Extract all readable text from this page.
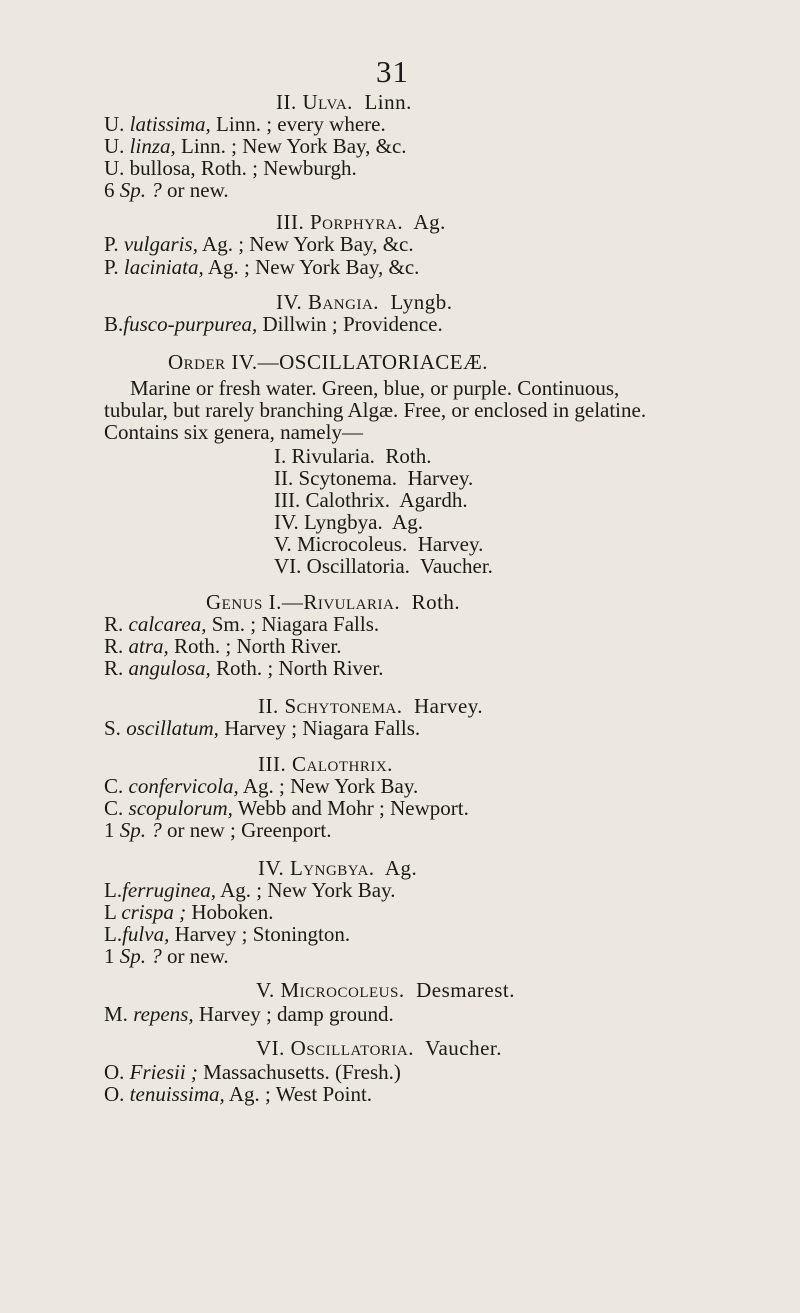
31
II. Ulva. Linn.
U. latissima, Linn. ; every where.
U. linza, Linn. ; New York Bay, &c.
U. bullosa, Roth. ; Newburgh.
6 Sp. ? or new.
III. Porphyra. Ag.
P. vulgaris, Ag. ; New York Bay, &c.
P. laciniata, Ag. ; New York Bay, &c.
IV. Bangia. Lyngb.
B.fusco-purpurea, Dillwin ; Providence.
Order IV.—OSCILLATORIACEÆ.
Marine or fresh water. Green, blue, or purple. Continuous,
tubular, but rarely branching Algæ. Free, or enclosed in gelatine.
Contains six genera, namely—
I. Rivularia. Roth.
II. Scytonema. Harvey.
III. Calothrix. Agardh.
IV. Lyngbya. Ag.
V. Microcoleus. Harvey.
VI. Oscillatoria. Vaucher.
Genus I.—Rivularia. Roth.
R. calcarea, Sm. ; Niagara Falls.
R. atra, Roth. ; North River.
R. angulosa, Roth. ; North River.
II. Schytonema. Harvey.
S. oscillatum, Harvey ; Niagara Falls.
III. Calothrix.
C. confervicola, Ag. ; New York Bay.
C. scopulorum, Webb and Mohr ; Newport.
1 Sp. ? or new ; Greenport.
IV. Lyngbya. Ag.
L.ferruginea, Ag. ; New York Bay.
L crispa ; Hoboken.
L.fulva, Harvey ; Stonington.
1 Sp. ? or new.
V. Microcoleus. Desmarest.
M. repens, Harvey ; damp ground.
VI. Oscillatoria. Vaucher.
O. Friesii ; Massachusetts. (Fresh.)
O. tenuissima, Ag. ; West Point.
